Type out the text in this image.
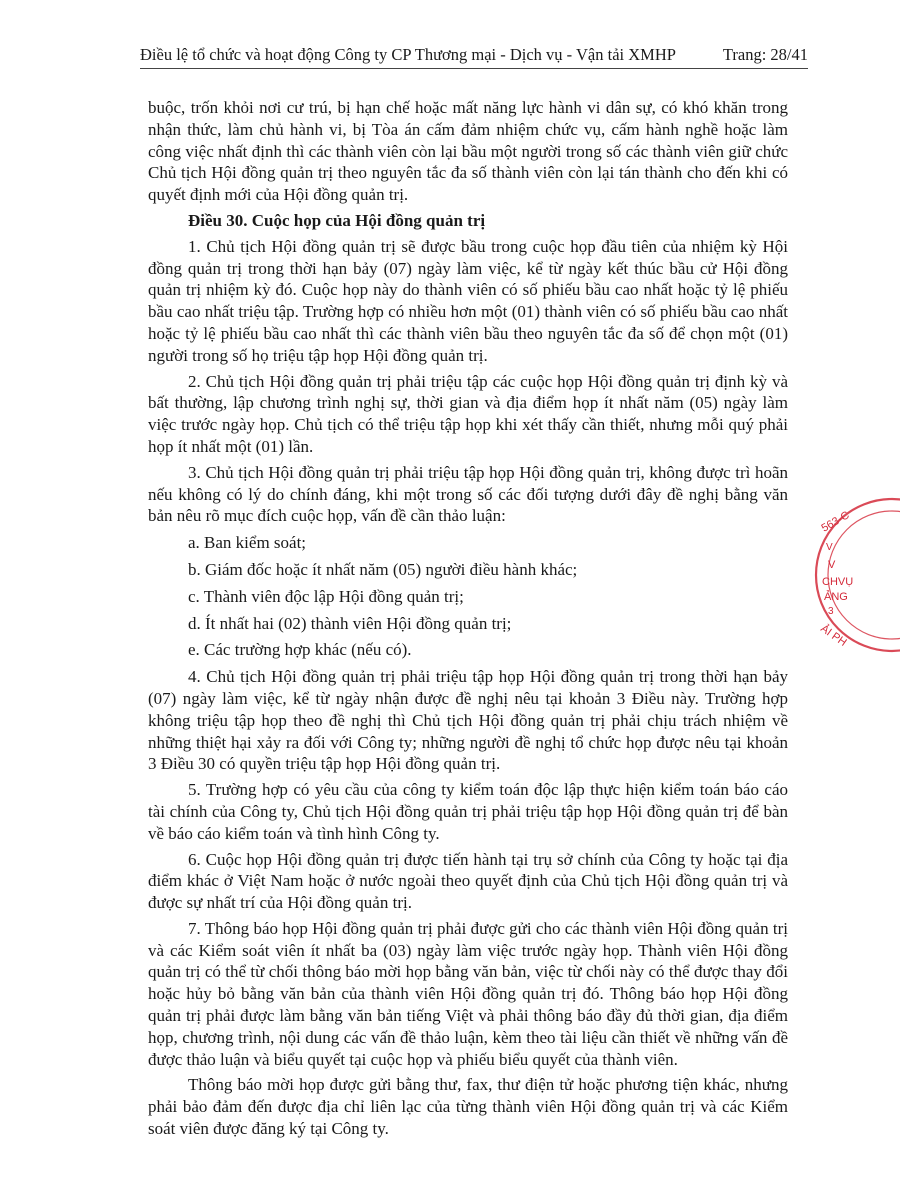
Điều lệ tổ chức và hoạt động Công ty CP Thương mại - Dịch vụ - Vận tải XMHP	Trang: 28/41

buộc, trốn khỏi nơi cư trú, bị hạn chế hoặc mất năng lực hành vi dân sự, có khó khăn trong nhận thức, làm chủ hành vi, bị Tòa án cấm đảm nhiệm chức vụ, cấm hành nghề hoặc làm công việc nhất định thì các thành viên còn lại bầu một người trong số các thành viên giữ chức Chủ tịch Hội đồng quản trị theo nguyên tắc đa số thành viên còn lại tán thành cho đến khi có quyết định mới của Hội đồng quản trị.

Điều 30. Cuộc họp của Hội đồng quản trị

1. Chủ tịch Hội đồng quản trị sẽ được bầu trong cuộc họp đầu tiên của nhiệm kỳ Hội đồng quản trị trong thời hạn bảy (07) ngày làm việc, kể từ ngày kết thúc bầu cử Hội đồng quản trị nhiệm kỳ đó. Cuộc họp này do thành viên có số phiếu bầu cao nhất hoặc tỷ lệ phiếu bầu cao nhất triệu tập. Trường hợp có nhiều hơn một (01) thành viên có số phiếu bầu cao nhất hoặc tỷ lệ phiếu bầu cao nhất thì các thành viên bầu theo nguyên tắc đa số để chọn một (01) người trong số họ triệu tập họp Hội đồng quản trị.

2. Chủ tịch Hội đồng quản trị phải triệu tập các cuộc họp Hội đồng quản trị định kỳ và bất thường, lập chương trình nghị sự, thời gian và địa điểm họp ít nhất năm (05) ngày làm việc trước ngày họp. Chủ tịch có thể triệu tập họp khi xét thấy cần thiết, nhưng mỗi quý phải họp ít nhất một (01) lần.

3. Chủ tịch Hội đồng quản trị phải triệu tập họp Hội đồng quản trị, không được trì hoãn nếu không có lý do chính đáng, khi một trong số các đối tượng dưới đây đề nghị bằng văn bản nêu rõ mục đích cuộc họp, vấn đề cần thảo luận:

a. Ban kiểm soát;

b. Giám đốc hoặc ít nhất năm (05) người điều hành khác;

c. Thành viên độc lập Hội đồng quản trị;

d. Ít nhất hai (02) thành viên Hội đồng quản trị;

e. Các trường hợp khác (nếu có).

4. Chủ tịch Hội đồng quản trị phải triệu tập họp Hội đồng quản trị trong thời hạn bảy (07) ngày làm việc, kể từ ngày nhận được đề nghị nêu tại khoản 3 Điều này. Trường hợp không triệu tập họp theo đề nghị thì Chủ tịch Hội đồng quản trị phải chịu trách nhiệm về những thiệt hại xảy ra đối với Công ty; những người đề nghị tổ chức họp được nêu tại khoản 3 Điều 30 có quyền triệu tập họp Hội đồng quản trị.

5. Trường hợp có yêu cầu của công ty kiểm toán độc lập thực hiện kiểm toán báo cáo tài chính của Công ty, Chủ tịch Hội đồng quản trị phải triệu tập họp Hội đồng quản trị để bàn về báo cáo kiểm toán và tình hình Công ty.

6. Cuộc họp Hội đồng quản trị được tiến hành tại trụ sở chính của Công ty hoặc tại địa điểm khác ở Việt Nam hoặc ở nước ngoài theo quyết định của Chủ tịch Hội đồng quản trị và được sự nhất trí của Hội đồng quản trị.

7. Thông báo họp Hội đồng quản trị phải được gửi cho các thành viên Hội đồng quản trị và các Kiểm soát viên ít nhất ba (03) ngày làm việc trước ngày họp. Thành viên Hội đồng quản trị có thể từ chối thông báo mời họp bằng văn bản, việc từ chối này có thể được thay đổi hoặc hủy bỏ bằng văn bản của thành viên Hội đồng quản trị đó. Thông báo họp Hội đồng quản trị phải được làm bằng văn bản tiếng Việt và phải thông báo đầy đủ thời gian, địa điểm họp, chương trình, nội dung các vấn đề thảo luận, kèm theo tài liệu cần thiết về những vấn đề được thảo luận và biểu quyết tại cuộc họp và phiếu biểu quyết của thành viên.

Thông báo mời họp được gửi bằng thư, fax, thư điện tử hoặc phương tiện khác, nhưng phải bảo đảm đến được địa chỉ liên lạc của từng thành viên Hội đồng quản trị và các Kiểm soát viên được đăng ký tại Công ty.

563-C
V
V
CHVỤ
ẢNG
3
ẢI PH
